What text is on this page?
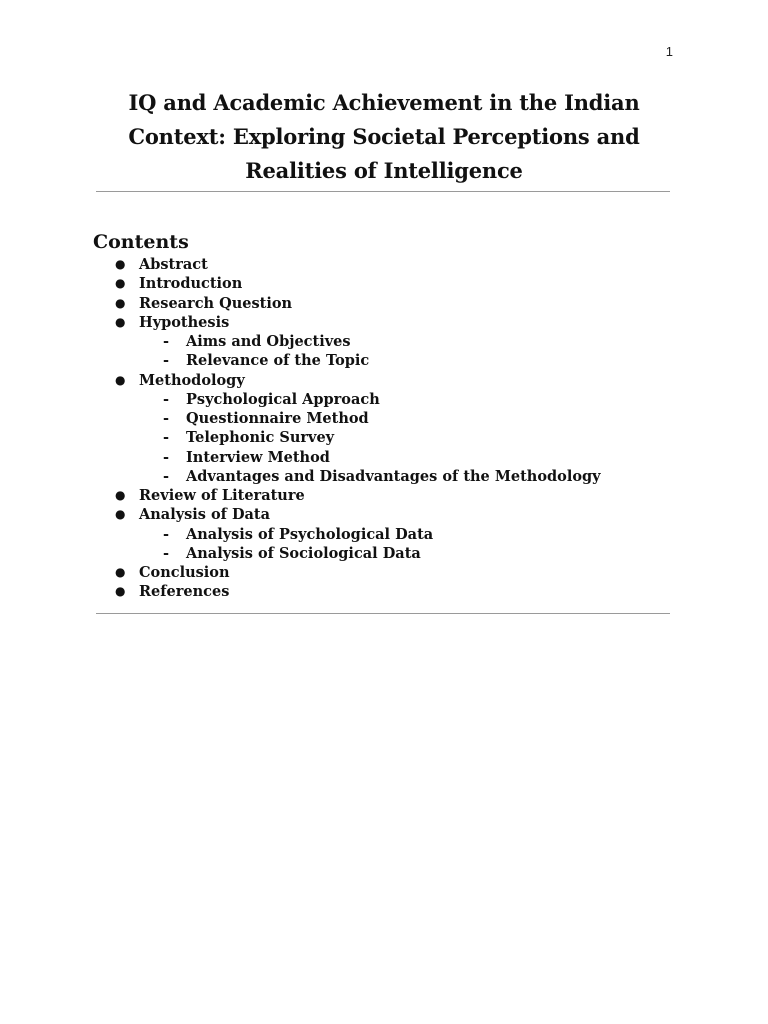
1
IQ and Academic Achievement in the Indian
Context: Exploring Societal Perceptions and
Realities of Intelligence
Contents
● Abstract
● Introduction
● Research Question
● Hypothesis
- Aims and Objectives
- Relevance of the Topic
● Methodology
- Psychological Approach
- Questionnaire Method
- Telephonic Survey
- Interview Method
- Advantages and Disadvantages of the Methodology
● Review of Literature
● Analysis of Data
- Analysis of Psychological Data
- Analysis of Sociological Data
● Conclusion
● References
